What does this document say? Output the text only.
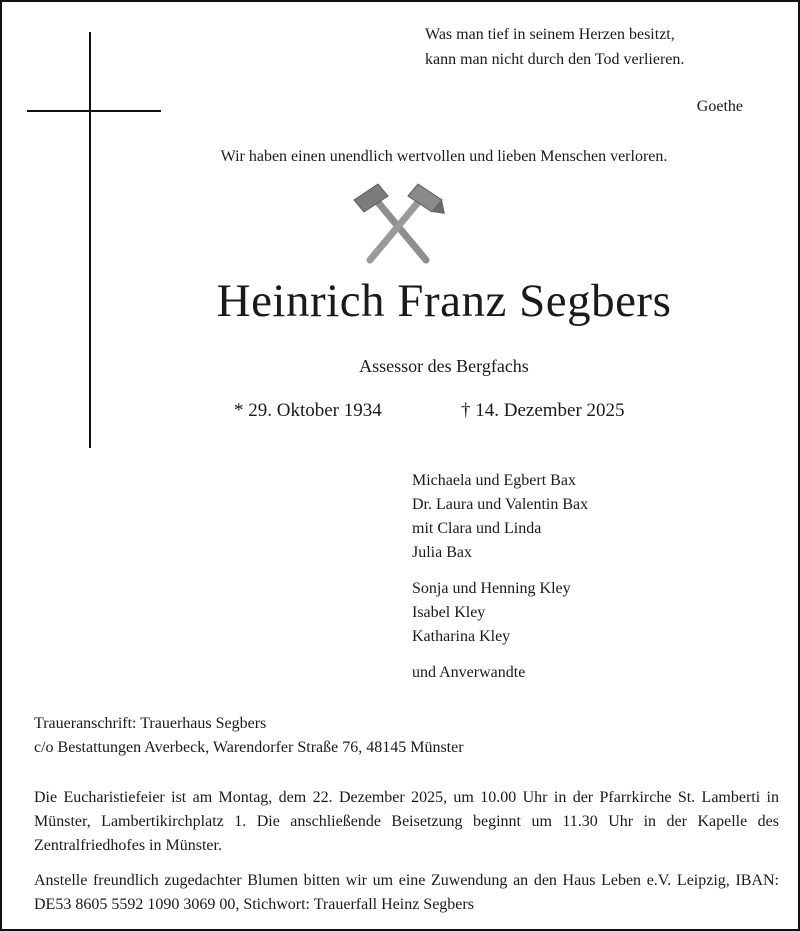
Was man tief in seinem Herzen besitzt,
kann man nicht durch den Tod verlieren.
Goethe
Wir haben einen unendlich wertvollen und lieben Menschen verloren.
Heinrich Franz Segbers
Assessor des Bergfachs
* 29. Oktober 1934	† 14. Dezember 2025
Michaela und Egbert Bax
Dr. Laura und Valentin Bax
mit Clara und Linda
Julia Bax
Sonja und Henning Kley
Isabel Kley
Katharina Kley
und Anverwandte
Traueranschrift: Trauerhaus Segbers
c/o Bestattungen Averbeck, Warendorfer Straße 76, 48145 Münster
Die Eucharistiefeier ist am Montag, dem 22. Dezember 2025, um 10.00 Uhr in der Pfarrkirche St. Lamberti in Münster, Lambertikirchplatz 1. Die anschließende Beisetzung beginnt um 11.30 Uhr in der Kapelle des Zentralfriedhofes in Münster.
Anstelle freundlich zugedachter Blumen bitten wir um eine Zuwendung an den Haus Leben e.V. Leipzig, IBAN: DE53 8605 5592 1090 3069 00, Stichwort: Trauerfall Heinz Segbers
